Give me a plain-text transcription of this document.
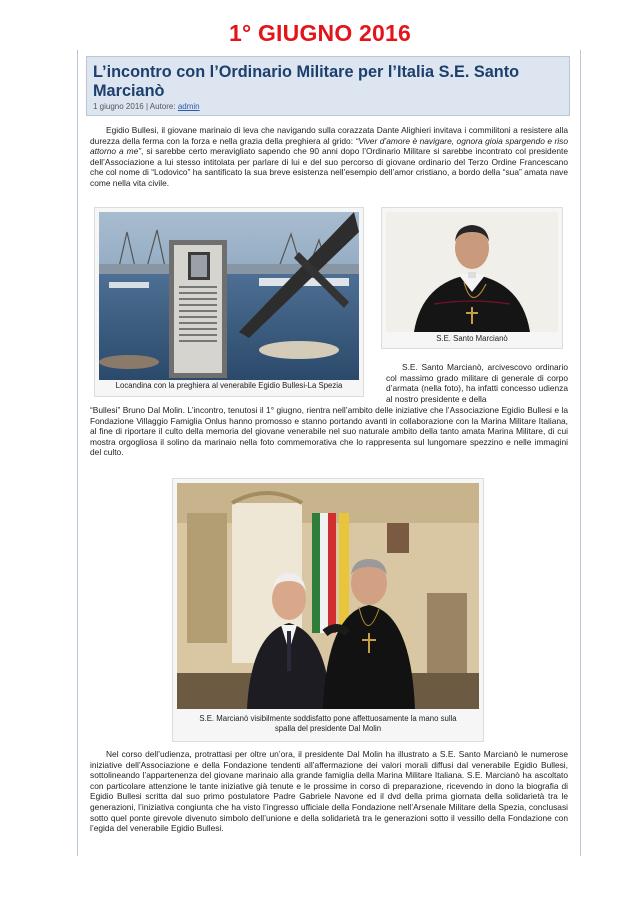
1° GIUGNO 2016
L’incontro con l’Ordinario Militare per l’Italia S.E. Santo Marcianò
1 giugno 2016 | Autore: admin

Egidio Bullesi, il giovane marinaio di leva che navigando sulla corazzata Dante Alighieri invitava i commilitoni a resistere alla durezza della ferma con la forza e nella grazia della preghiera al grido: “Viver d’amore è navigare, ognora gioia spargendo e riso attorno a me”, si sarebbe certo meravigliato sapendo che 90 anni dopo l’Ordinario Militare si sarebbe incontrato col presidente dell’Associazione a lui stesso intitolata per parlare di lui e del suo percorso di giovane ordinario del Terzo Ordine Francescano che col nome di “Lodovico” ha santificato la sua breve esistenza nell’esempio dell’amor cristiano, a bordo della “sua” amata nave come nella vita civile.

Locandina con la preghiera al venerabile Egidio Bullesi-La Spezia
S.E. Santo Marcianò

S.E. Santo Marcianò, arcivescovo ordinario col massimo grado militare di generale di corpo d’armata (nella foto), ha infatti concesso udienza al nostro presidente e della

“Bullesi” Bruno Dal Molin. L’incontro, tenutosi il 1° giugno, rientra nell’ambito delle iniziative che l’Associazione Egidio Bullesi e la Fondazione Villaggio Famiglia Onlus hanno promosso e stanno portando avanti in collaborazione con la Marina Militare Italiana, al fine di riportare il culto della memoria del giovane venerabile nel suo naturale ambito della tanto amata Marina Militare, di cui mostra orgogliosa il solino da marinaio nella foto commemorativa che lo rappresenta sul lungomare spezzino e nelle immagini del culto.

S.E. Marcianò visibilmente soddisfatto pone affettuosamente la mano sulla
spalla del presidente Dal Molin

Nel corso dell’udienza, protrattasi per oltre un’ora, il presidente Dal Molin ha illustrato a S.E. Santo Marcianò le numerose iniziative dell’Associazione e della Fondazione tendenti all’affermazione dei valori morali diffusi dal venerabile Egidio Bullesi, sottolineando l’appartenenza del giovane marinaio alla grande famiglia della Marina Militare Italiana. S.E. Marcianò ha ascoltato con particolare attenzione le tante iniziative già tenute e le prossime in corso di preparazione, ricevendo in dono la biografia di Egidio Bullesi scritta dal suo primo postulatore Padre Gabriele Navone ed il dvd della prima giornata della solidarietà tra le generazioni, l’iniziativa congiunta che ha visto l’ingresso ufficiale della Fondazione nell’Arsenale Militare della Spezia, conclusasi sotto quel ponte girevole divenuto simbolo dell’unione e della solidarietà tra le generazioni sotto il vessillo della Fondazione con l’egida del venerabile Egidio Bullesi.
